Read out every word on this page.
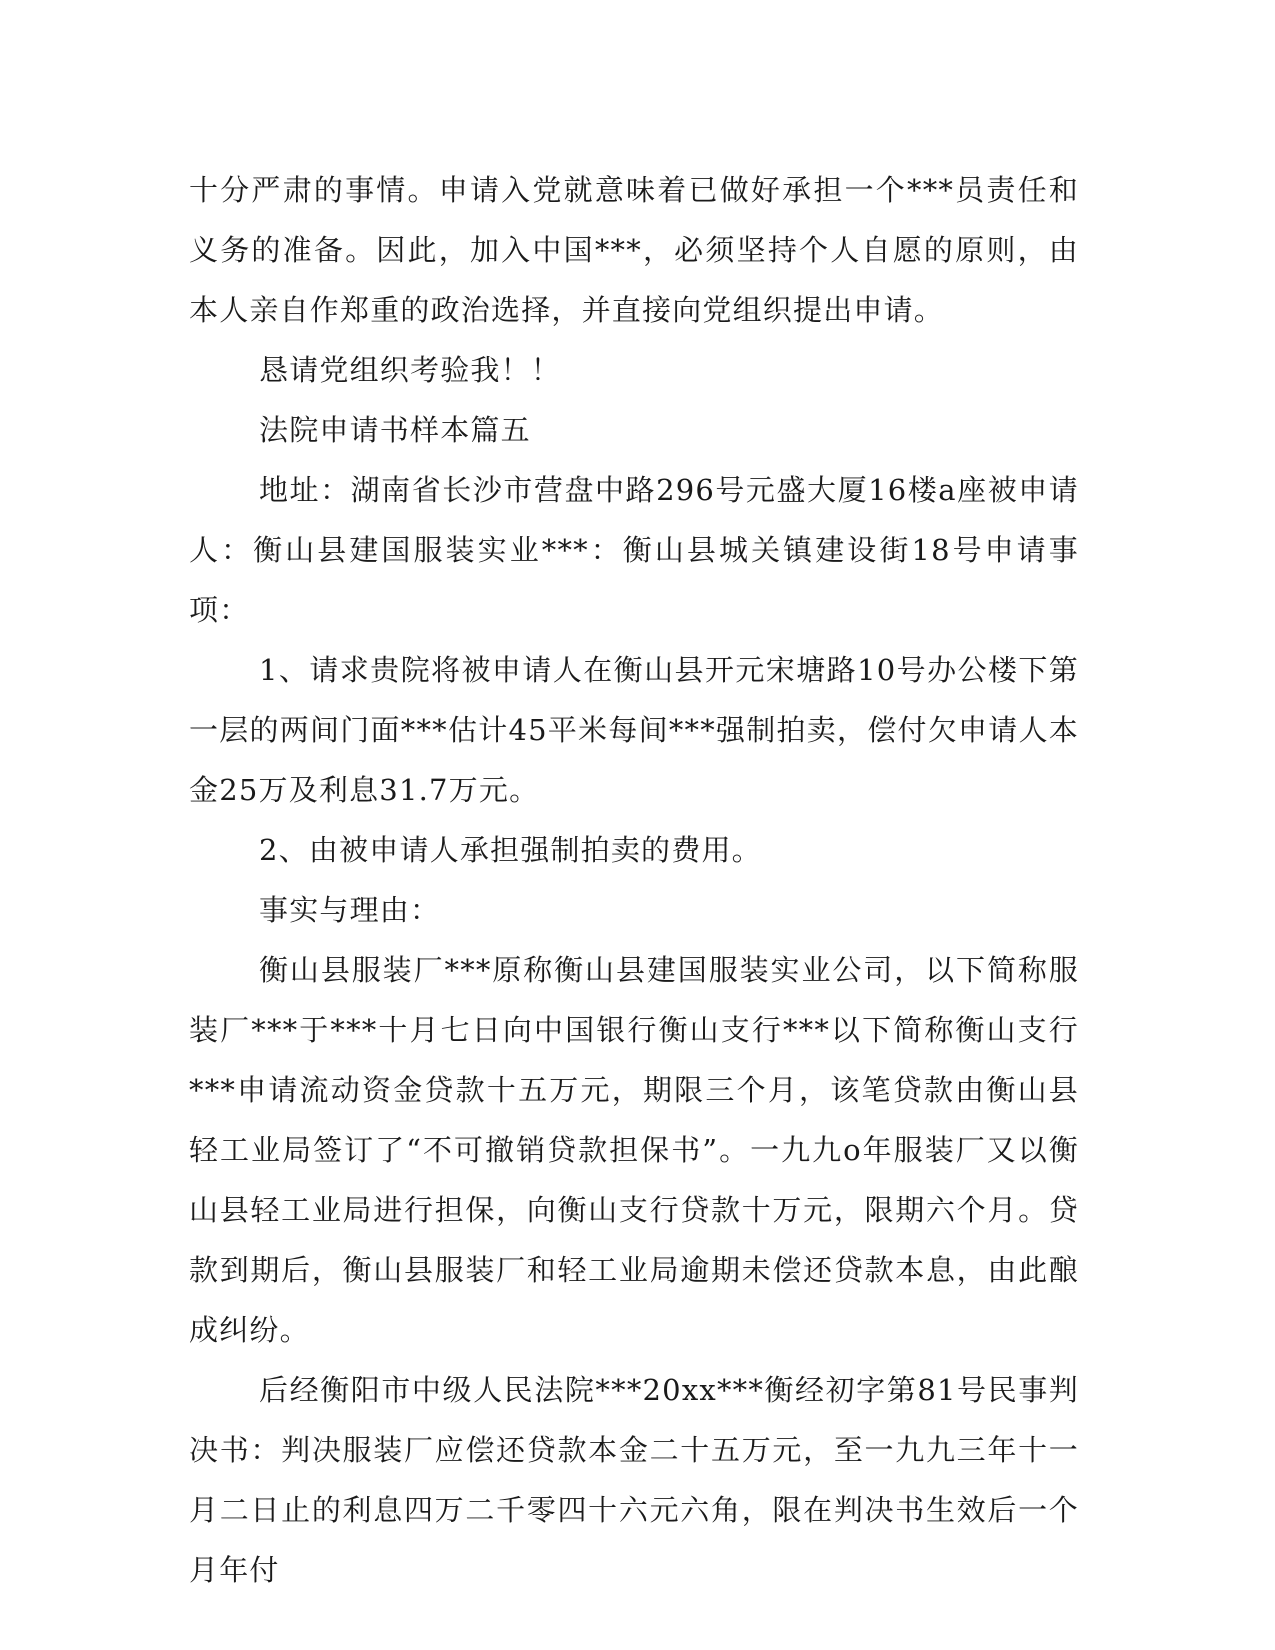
十分严肃的事情。申请入党就意味着已做好承担一个***员责任和义务的准备。因此，加入中国***，必须坚持个人自愿的原则，由本人亲自作郑重的政治选择，并直接向党组织提出申请。

恳请党组织考验我！！

法院申请书样本篇五

地址：湖南省长沙市营盘中路296号元盛大厦16楼a座被申请人：衡山县建国服装实业***：衡山县城关镇建设街18号申请事项：

1、请求贵院将被申请人在衡山县开元宋塘路10号办公楼下第一层的两间门面***估计45平米每间***强制拍卖，偿付欠申请人本金25万及利息31.7万元。

2、由被申请人承担强制拍卖的费用。

事实与理由：

衡山县服装厂***原称衡山县建国服装实业公司，以下简称服装厂***于***十月七日向中国银行衡山支行***以下简称衡山支行***申请流动资金贷款十五万元，期限三个月，该笔贷款由衡山县轻工业局签订了“不可撤销贷款担保书”。一九九o年服装厂又以衡山县轻工业局进行担保，向衡山支行贷款十万元，限期六个月。贷款到期后，衡山县服装厂和轻工业局逾期未偿还贷款本息，由此酿成纠纷。

后经衡阳市中级人民法院***20xx***衡经初字第81号民事判决书：判决服装厂应偿还贷款本金二十五万元，至一九九三年十一月二日止的利息四万二千零四十六元六角，限在判决书生效后一个月年付
